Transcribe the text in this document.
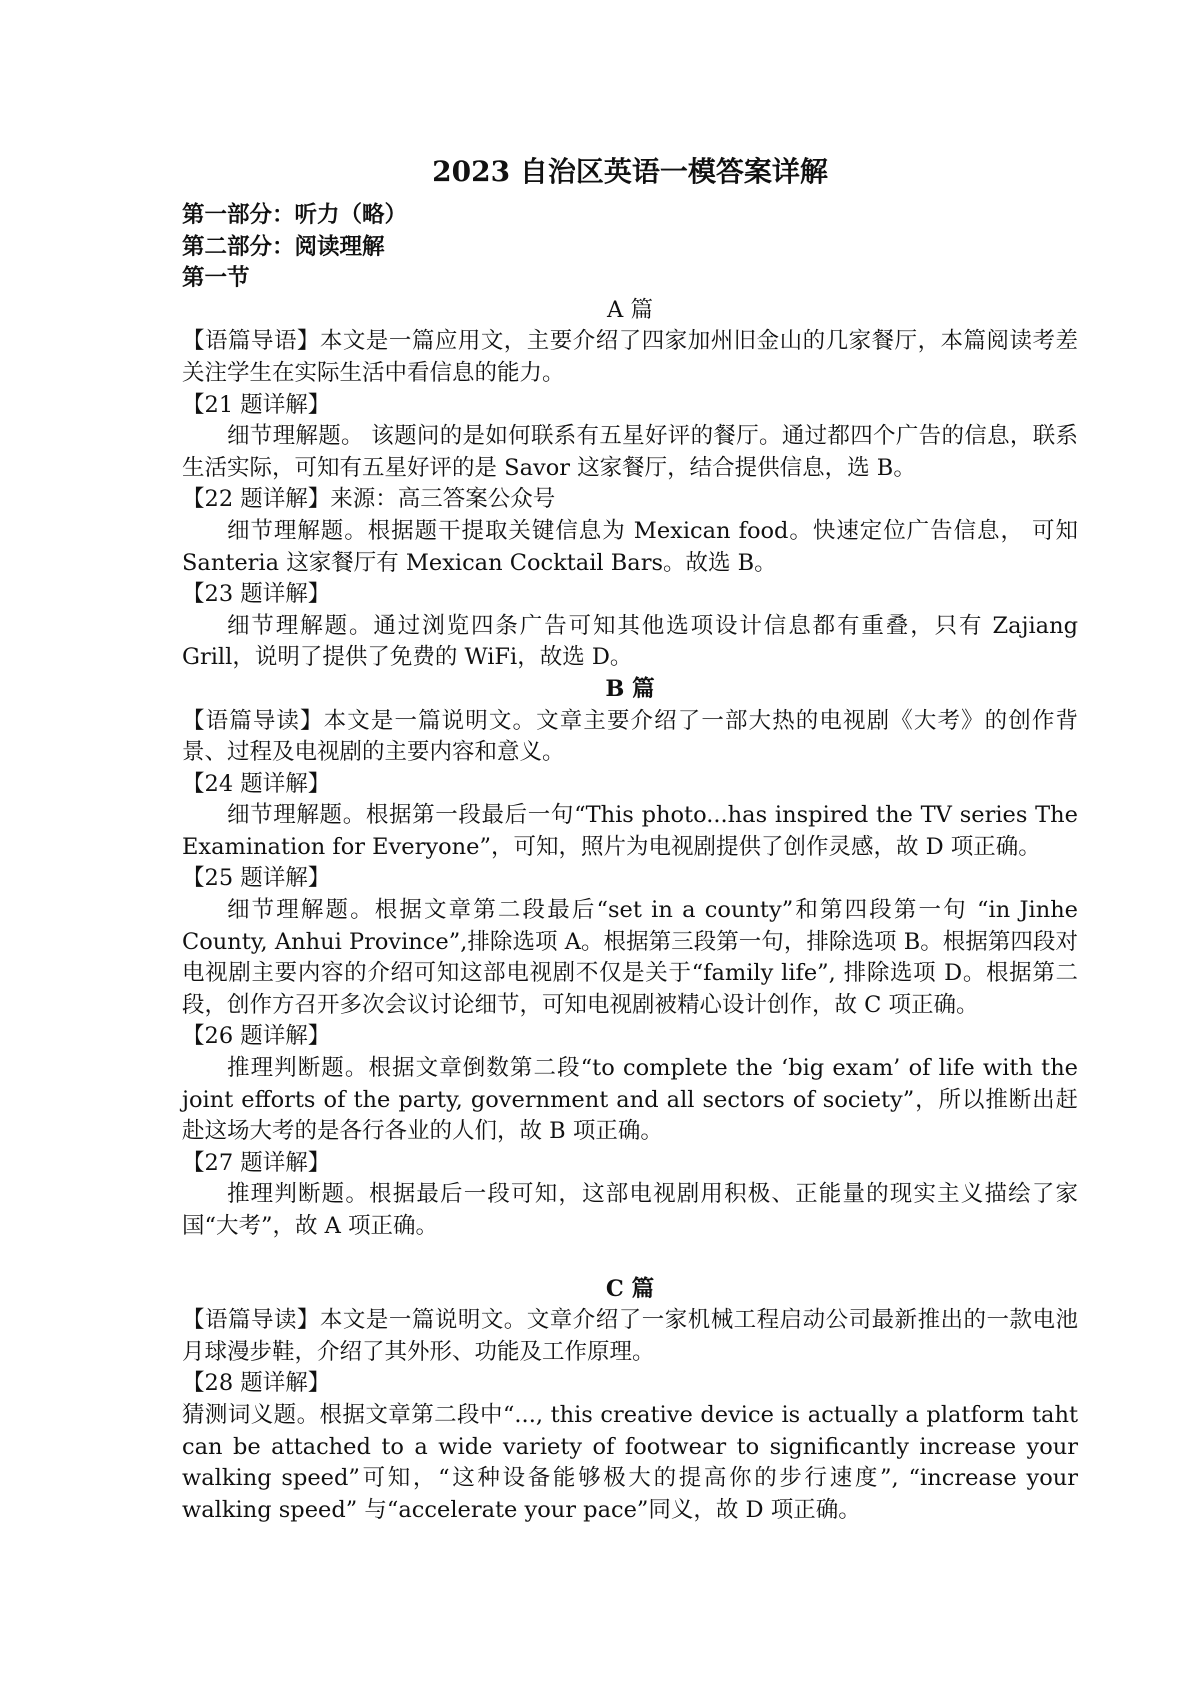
2023 自治区英语一模答案详解

第一部分：听力（略）

第二部分：阅读理解

第一节

A 篇

【语篇导语】本文是一篇应用文，主要介绍了四家加州旧金山的几家餐厅，本篇阅读考差关注学生在实际生活中看信息的能力。

【21 题详解】

细节理解题。 该题问的是如何联系有五星好评的餐厅。通过都四个广告的信息，联系生活实际，可知有五星好评的是 Savor 这家餐厅，结合提供信息，选 B。

【22 题详解】来源：高三答案公众号

细节理解题。根据题干提取关键信息为 Mexican food。快速定位广告信息， 可知 Santeria 这家餐厅有 Mexican Cocktail Bars。故选 B。

【23 题详解】

细节理解题。通过浏览四条广告可知其他选项设计信息都有重叠，只有 Zajiang Grill，说明了提供了免费的 WiFi，故选 D。

B 篇

【语篇导读】本文是一篇说明文。文章主要介绍了一部大热的电视剧《大考》的创作背景、过程及电视剧的主要内容和意义。

【24 题详解】

细节理解题。根据第一段最后一句“This photo...has inspired the TV series The Examination for Everyone”，可知，照片为电视剧提供了创作灵感，故 D 项正确。

【25 题详解】

细节理解题。根据文章第二段最后“set in a county”和第四段第一句 “in Jinhe County, Anhui Province”,排除选项 A。根据第三段第一句，排除选项 B。根据第四段对电视剧主要内容的介绍可知这部电视剧不仅是关于“family life”, 排除选项 D。根据第二段，创作方召开多次会议讨论细节，可知电视剧被精心设计创作，故 C 项正确。

【26 题详解】

推理判断题。根据文章倒数第二段“to complete the ‘big exam’ of life with the joint efforts of the party, government and all sectors of society”，所以推断出赶赴这场大考的是各行各业的人们，故 B 项正确。

【27 题详解】

推理判断题。根据最后一段可知，这部电视剧用积极、正能量的现实主义描绘了家国“大考”，故 A 项正确。

C 篇

【语篇导读】本文是一篇说明文。文章介绍了一家机械工程启动公司最新推出的一款电池月球漫步鞋，介绍了其外形、功能及工作原理。

【28 题详解】

猜测词义题。根据文章第二段中“..., this creative device is actually a platform taht can be attached to a wide variety of footwear to significantly increase your walking speed”可知，“这种设备能够极大的提高你的步行速度”, “increase your walking speed” 与“accelerate your pace”同义，故 D 项正确。
